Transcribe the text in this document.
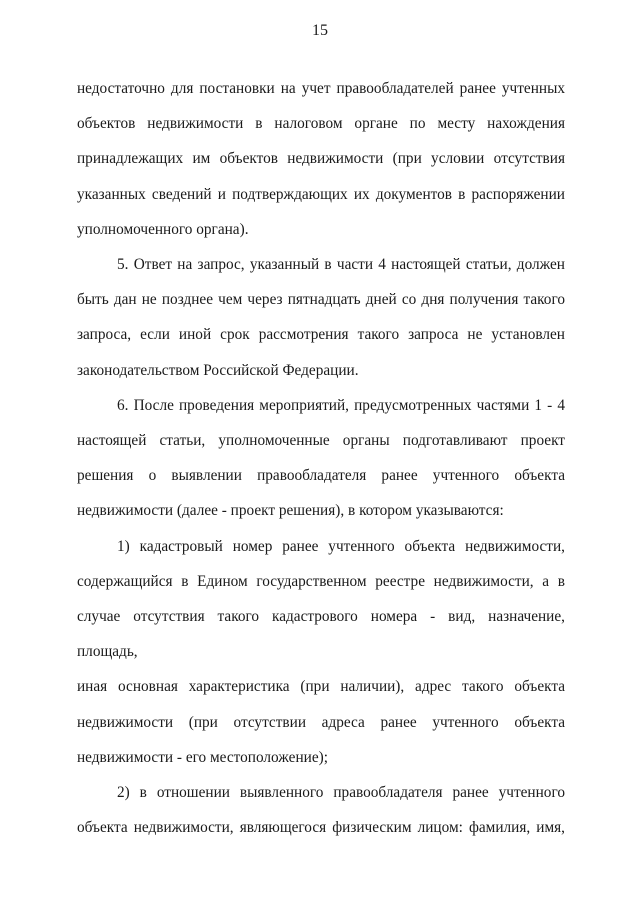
15
недостаточно для постановки на учет правообладателей ранее учтенных
объектов недвижимости в налоговом органе по месту нахождения
принадлежащих им объектов недвижимости (при условии отсутствия
указанных сведений и подтверждающих их документов в распоряжении
уполномоченного органа).
5. Ответ на запрос, указанный в части 4 настоящей статьи, должен
быть дан не позднее чем через пятнадцать дней со дня получения такого
запроса, если иной срок рассмотрения такого запроса не установлен
законодательством Российской Федерации.
6. После проведения мероприятий, предусмотренных частями 1 - 4
настоящей статьи, уполномоченные органы подготавливают проект
решения о выявлении правообладателя ранее учтенного объекта
недвижимости (далее - проект решения), в котором указываются:
1) кадастровый номер ранее учтенного объекта недвижимости,
содержащийся в Едином государственном реестре недвижимости, а в
случае отсутствия такого кадастрового номера - вид, назначение, площадь,
иная основная характеристика (при наличии), адрес такого объекта
недвижимости (при отсутствии адреса ранее учтенного объекта
недвижимости - его местоположение);
2) в отношении выявленного правообладателя ранее учтенного
объекта недвижимости, являющегося физическим лицом: фамилия, имя,
